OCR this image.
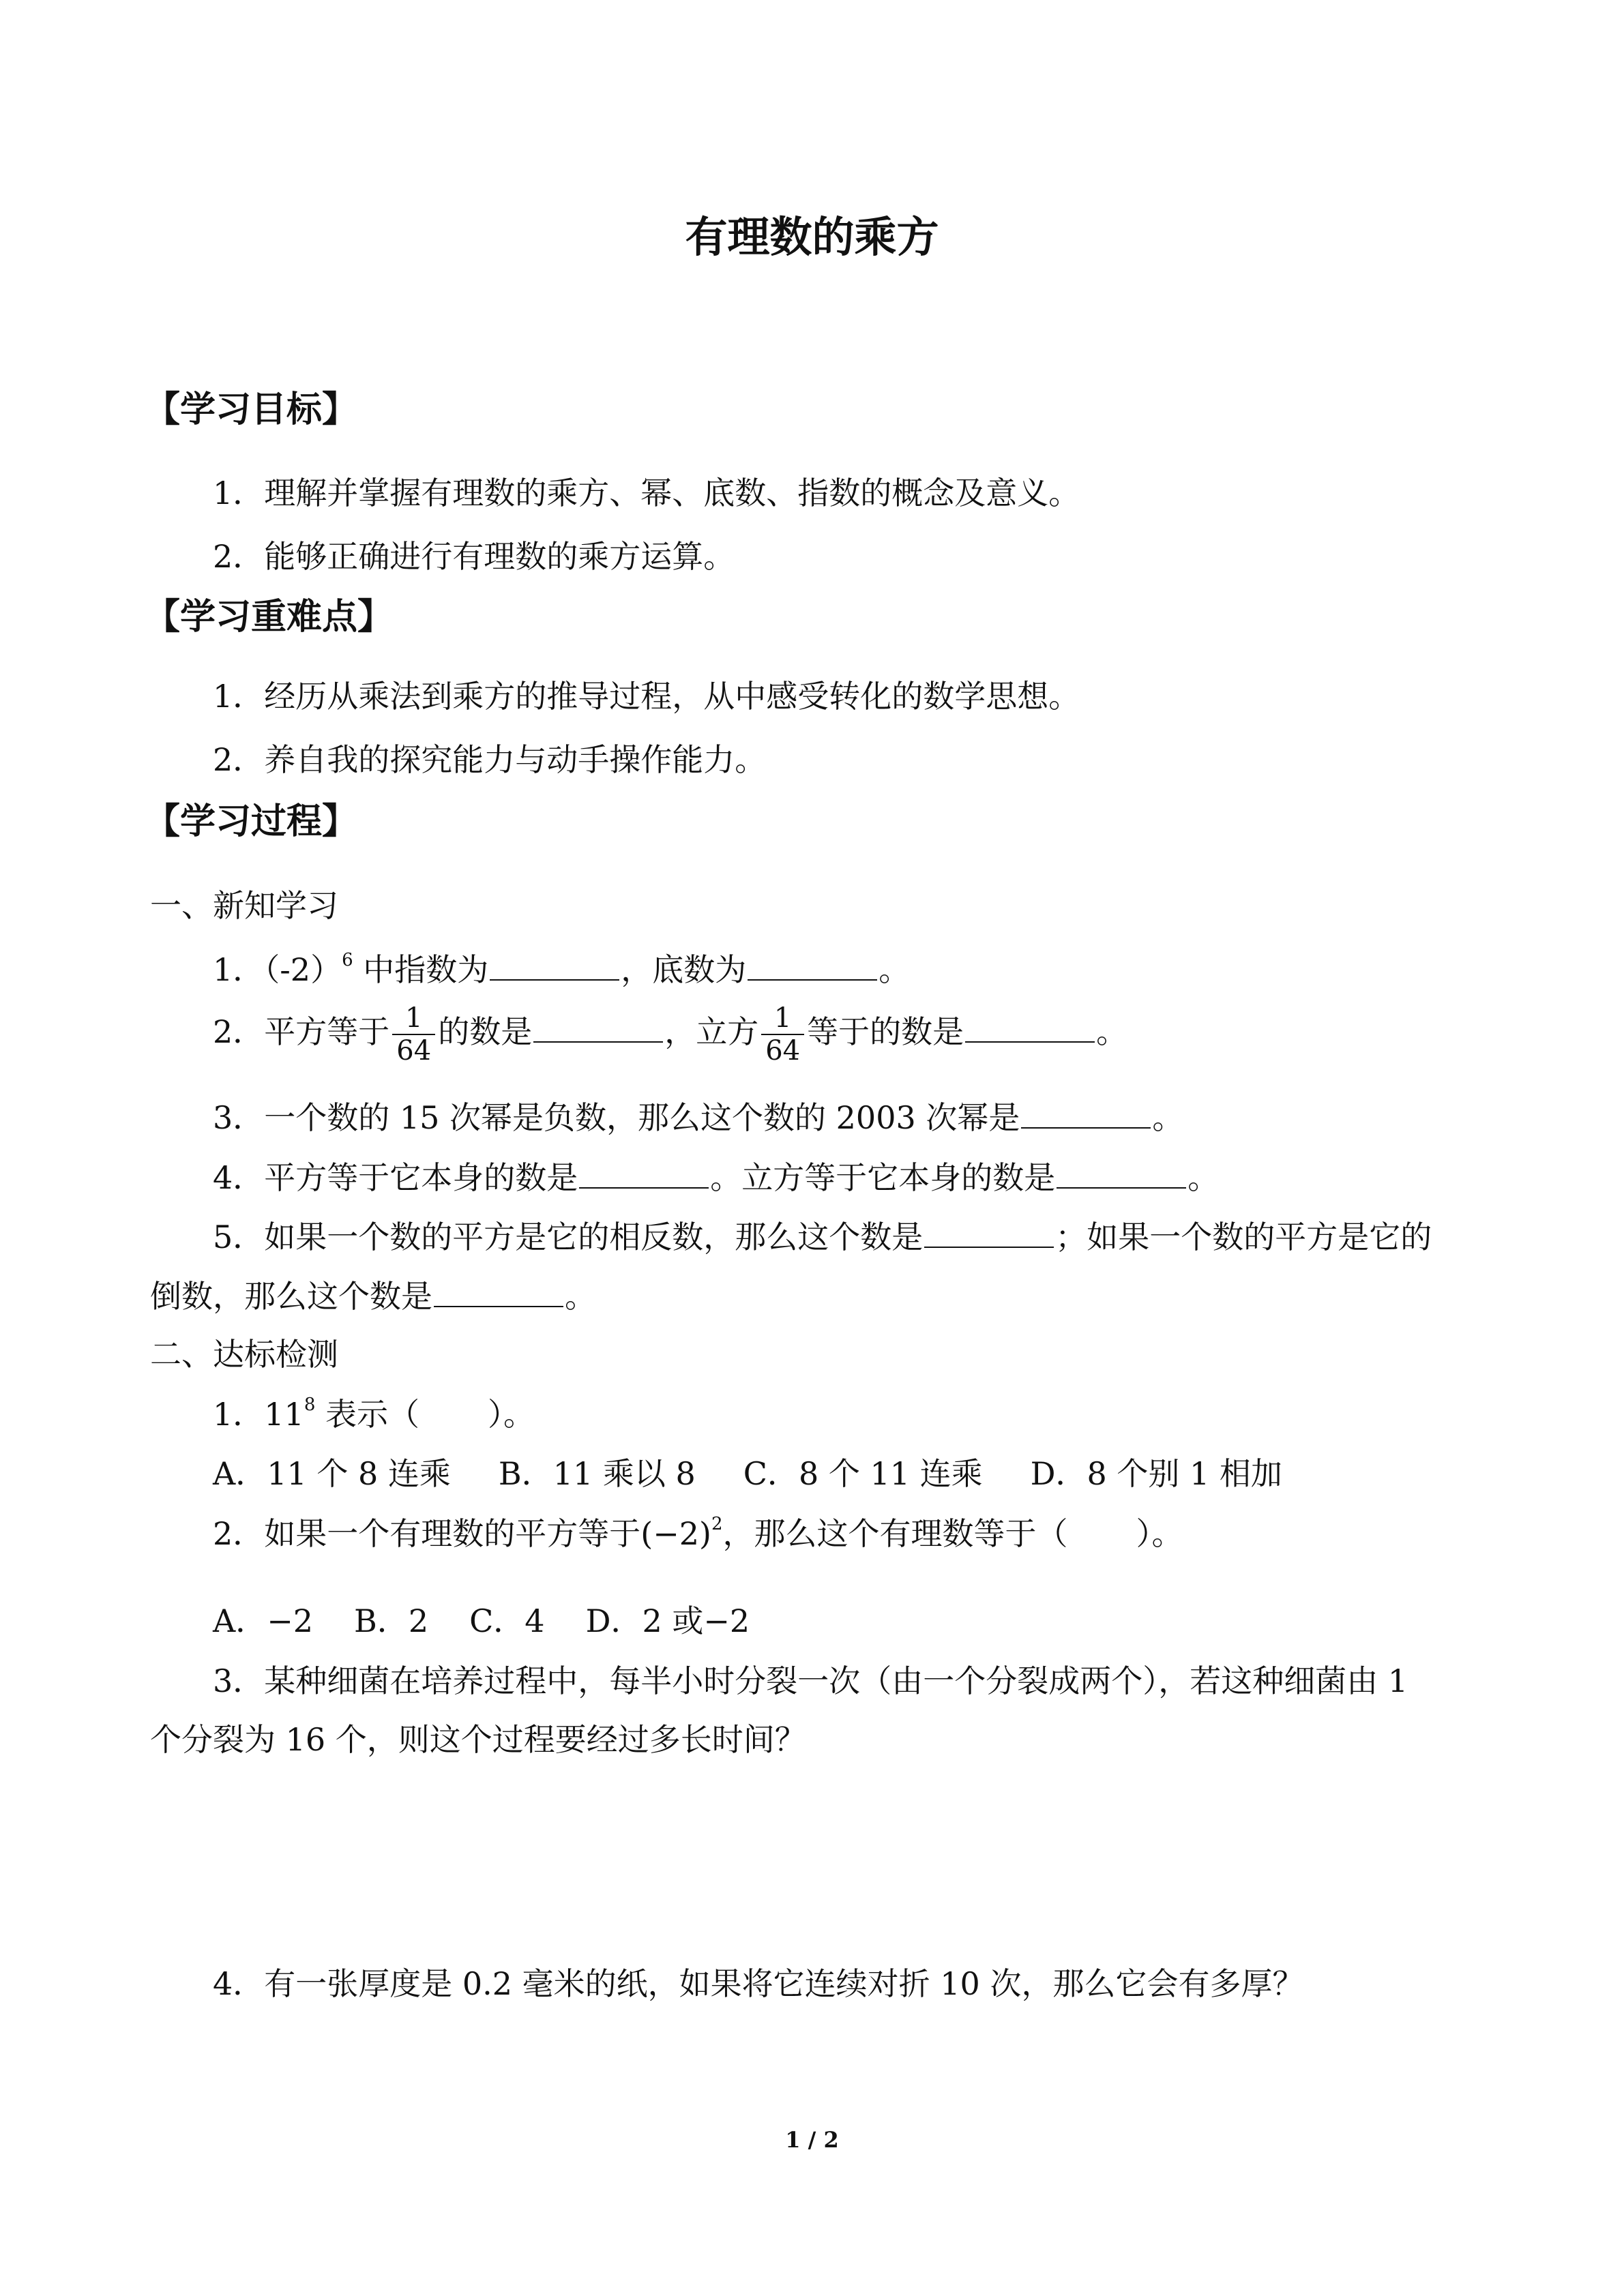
有理数的乘方
【学习目标】
1．理解并掌握有理数的乘方、幂、底数、指数的概念及意义。
2．能够正确进行有理数的乘方运算。
【学习重难点】
1．经历从乘法到乘方的推导过程，从中感受转化的数学思想。
2．养自我的探究能力与动手操作能力。
【学习过程】
一、新知学习
1．$(-2)^6$ 中指数为	，底数为	。
2．平方等于 $\frac{1}{64}$ 的数是	，立方 $\frac{1}{64}$ 等于的数是	。
3．一个数的 15 次幂是负数，那么这个数的 2003 次幂是	。
4．平方等于它本身的数是	。立方等于它本身的数是	。
5．如果一个数的平方是它的相反数，那么这个数是	；如果一个数的平方是它的
倒数，那么这个数是	。
二、达标检测
1．$11^8$ 表示（ ）。
A．11 个 8 连乘 B．11 乘以 8 C．8 个 11 连乘 D．8 个别 1 相加
2．如果一个有理数的平方等于$(-2)^2$，那么这个有理数等于（ ）。
A．−2 B．2 C．4 D．2 或−2
3．某种细菌在培养过程中，每半小时分裂一次（由一个分裂成两个），若这种细菌由 1
个分裂为 16 个，则这个过程要经过多长时间？
4．有一张厚度是 0.2 毫米的纸，如果将它连续对折 10 次，那么它会有多厚？
1 / 2
